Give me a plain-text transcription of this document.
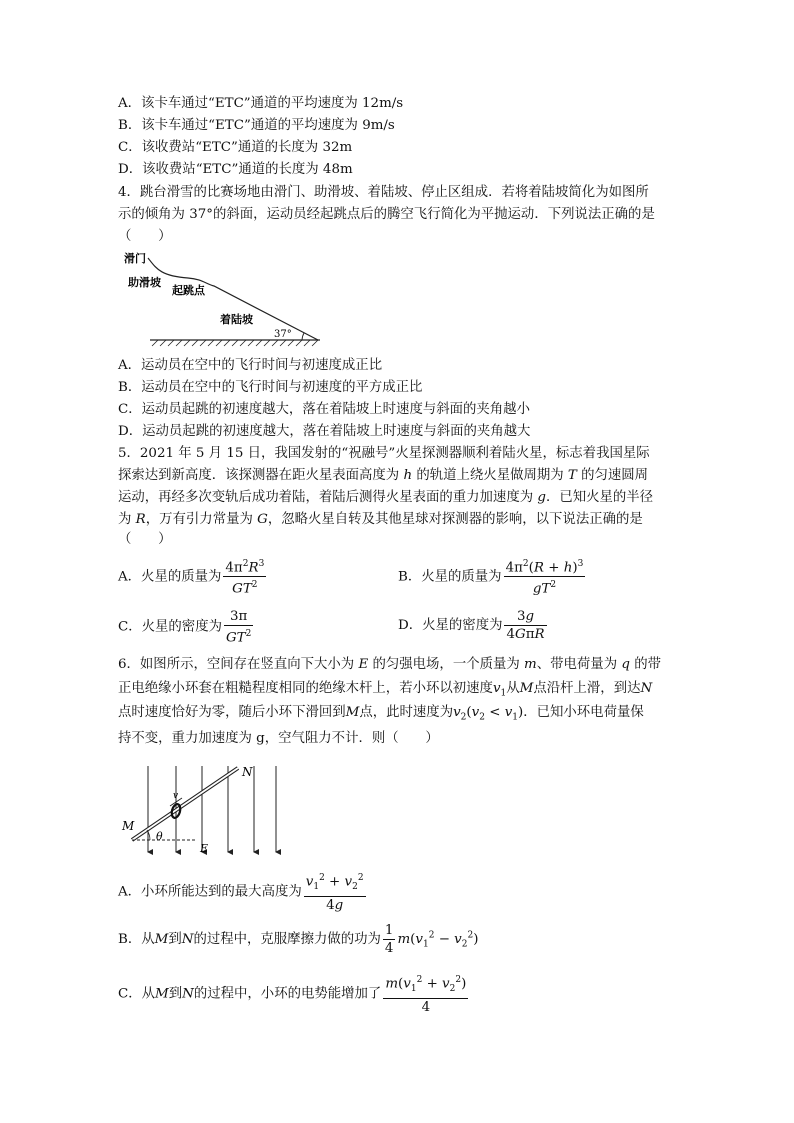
A．该卡车通过“ETC”通道的平均速度为 12m/s
B．该卡车通过“ETC”通道的平均速度为 9m/s
C．该收费站“ETC”通道的长度为 32m
D．该收费站“ETC”通道的长度为 48m
4．跳台滑雪的比赛场地由滑门、助滑坡、着陆坡、停止区组成．若将着陆坡简化为如图所
示的倾角为 37°的斜面，运动员经起跳点后的腾空飞行简化为平抛运动．下列说法正确的是
（　　）
滑门
助滑坡
起跳点
着陆坡
37°
A．运动员在空中的飞行时间与初速度成正比
B．运动员在空中的飞行时间与初速度的平方成正比
C．运动员起跳的初速度越大，落在着陆坡上时速度与斜面的夹角越小
D．运动员起跳的初速度越大，落在着陆坡上时速度与斜面的夹角越大
5．2021 年 5 月 15 日，我国发射的“祝融号”火星探测器顺利着陆火星，标志着我国星际
探索达到新高度．该探测器在距火星表面高度为 h 的轨道上绕火星做周期为 T 的匀速圆周
运动，再经多次变轨后成功着陆，着陆后测得火星表面的重力加速度为 g．已知火星的半径
为 R，万有引力常量为 G，忽略火星自转及其他星球对探测器的影响，以下说法正确的是
（　　）
A．火星的质量为 $\frac{4\pi^2R^3}{GT^2}$	B．火星的质量为 $\frac{4\pi^2(R + h)^3}{gT^2}$
C．火星的密度为 $\frac{3\pi}{GT^2}$	D．火星的密度为 $\frac{3g}{\text{4GπR}}$
6．如图所示，空间存在竖直向下大小为 E 的匀强电场，一个质量为 m、带电荷量为 q 的带
正电绝缘小环套在粗糙程度相同的绝缘木杆上，若小环以初速度$v_1$从M点沿杆上滑，到达N
点时速度恰好为零，随后小环下滑回到M点，此时速度为$v_2(v_2 < v_1)$．已知小环电荷量保
持不变，重力加速度为 g，空气阻力不计．则（　　）
v
M
N
E
θ
A．小环所能达到的最大高度为 $\frac{v_1^2 + v_2^2}{4g}$
B．从M到N的过程中，克服摩擦力做的功为 $\frac{1}{4} m(v_1^2 - v_2^2)$
C．从M到N的过程中，小环的电势能增加了 $\frac{m(v_1^2 + v_2^2)}{4}$
